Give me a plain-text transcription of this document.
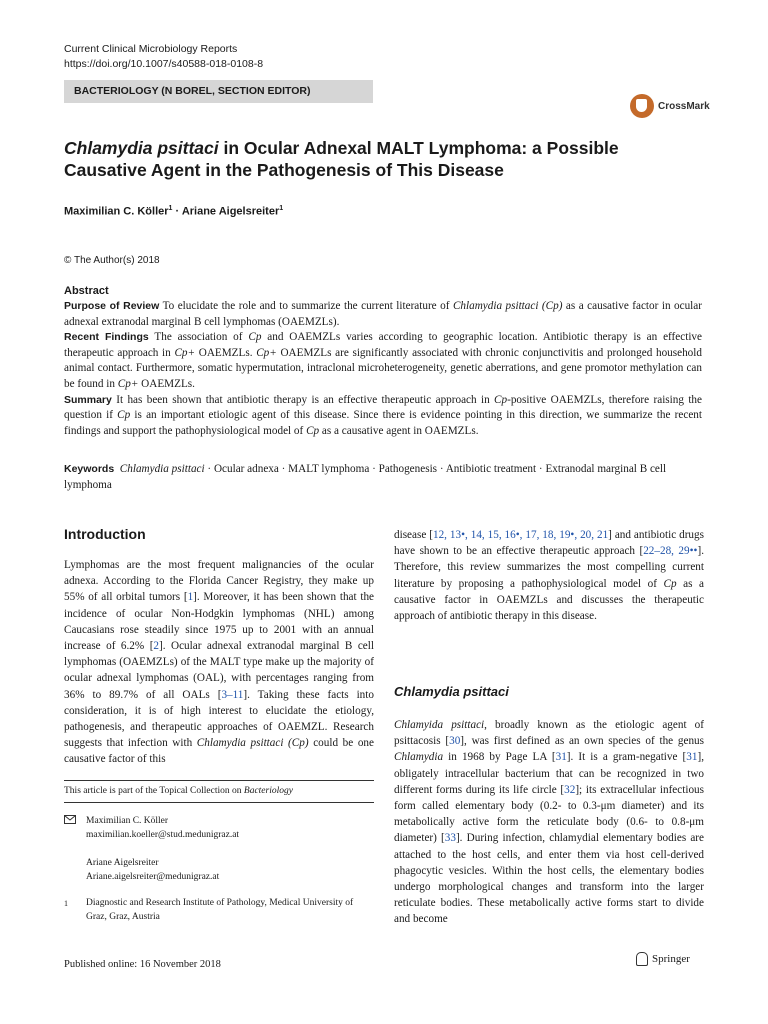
Current Clinical Microbiology Reports
https://doi.org/10.1007/s40588-018-0108-8
BACTERIOLOGY (N BOREL, SECTION EDITOR)
CrossMark
Chlamydia psittaci in Ocular Adnexal MALT Lymphoma: a Possible
Causative Agent in the Pathogenesis of This Disease
Maximilian C. Köller$^1$ · Ariane Aigelsreiter$^1$
© The Author(s) 2018
Abstract
Purpose of Review To elucidate the role and to summarize the current literature of Chlamydia psittaci (Cp) as a causative factor in ocular adnexal extranodal marginal B cell lymphomas (OAEMZLs).
Recent Findings The association of Cp and OAEMZLs varies according to geographic location. Antibiotic therapy is an effective therapeutic approach in Cp+ OAEMZLs. Cp+ OAEMZLs are significantly associated with chronic conjunctivitis and prolonged household animal contact. Furthermore, somatic hypermutation, intraclonal microheterogeneity, genetic aberrations, and gene promotor methylation can be found in Cp+ OAEMZLs.
Summary It has been shown that antibiotic therapy is an effective therapeutic approach in Cp-positive OAEMZLs, therefore raising the question if Cp is an important etiologic agent of this disease. Since there is evidence pointing in this direction, we summarize the recent findings and support the pathophysiological model of Cp as a causative agent in OAEMZLs.
Keywords Chlamydia psittaci · Ocular adnexa · MALT lymphoma · Pathogenesis · Antibiotic treatment · Extranodal marginal B cell lymphoma
Introduction
Lymphomas are the most frequent malignancies of the ocular adnexa. According to the Florida Cancer Registry, they make up 55% of all orbital tumors [1]. Moreover, it has been shown that the incidence of ocular Non-Hodgkin lymphomas (NHL) among Caucasians rose steadily since 1975 up to 2001 with an annual increase of 6.2% [2]. Ocular adnexal extranodal marginal B cell lymphomas (OAEMZLs) of the MALT type make up the majority of ocular adnexal lymphomas (OAL), with percentages ranging from 36% to 89.7% of all OALs [3–11]. Taking these facts into consideration, it is of high interest to elucidate the etiology, pathogenesis, and therapeutic approaches of OAEMZL. Research suggests that infection with Chlamydia psittaci (Cp) could be one causative factor of this
disease [12, 13•, 14, 15, 16•, 17, 18, 19•, 20, 21] and antibiotic drugs have shown to be an effective therapeutic approach [22–28, 29••]. Therefore, this review summarizes the most compelling current literature by proposing a pathophysiological model of Cp as a causative factor in OAEMZLs and discusses the therapeutic approach of antibiotic therapy in this disease.
Chlamydia psittaci
Chlamyida psittaci, broadly known as the etiologic agent of psittacosis [30], was first defined as an own species of the genus Chlamydia in 1968 by Page LA [31]. It is a gram-negative [31], obligately intracellular bacterium that can be recognized in two different forms during its life circle [32]; its extracellular infectious form called elementary body (0.2- to 0.3-μm diameter) and its metabolically active form the reticulate body (0.6- to 0.8-μm diameter) [33]. During infection, chlamydial elementary bodies are attached to the host cells, and enter them via host cell-derived phagocytic vesicles. Within the host cells, the elementary bodies undergo morphological changes and transform into the larger reticulate bodies. These metabolically active forms start to divide and become
This article is part of the Topical Collection on Bacteriology
Maximilian C. Köller
maximilian.koeller@stud.medunigraz.at
Ariane Aigelsreiter
Ariane.aigelsreiter@medunigraz.at
1 Diagnostic and Research Institute of Pathology, Medical University of Graz, Graz, Austria
Published online: 16 November 2018	Springer
